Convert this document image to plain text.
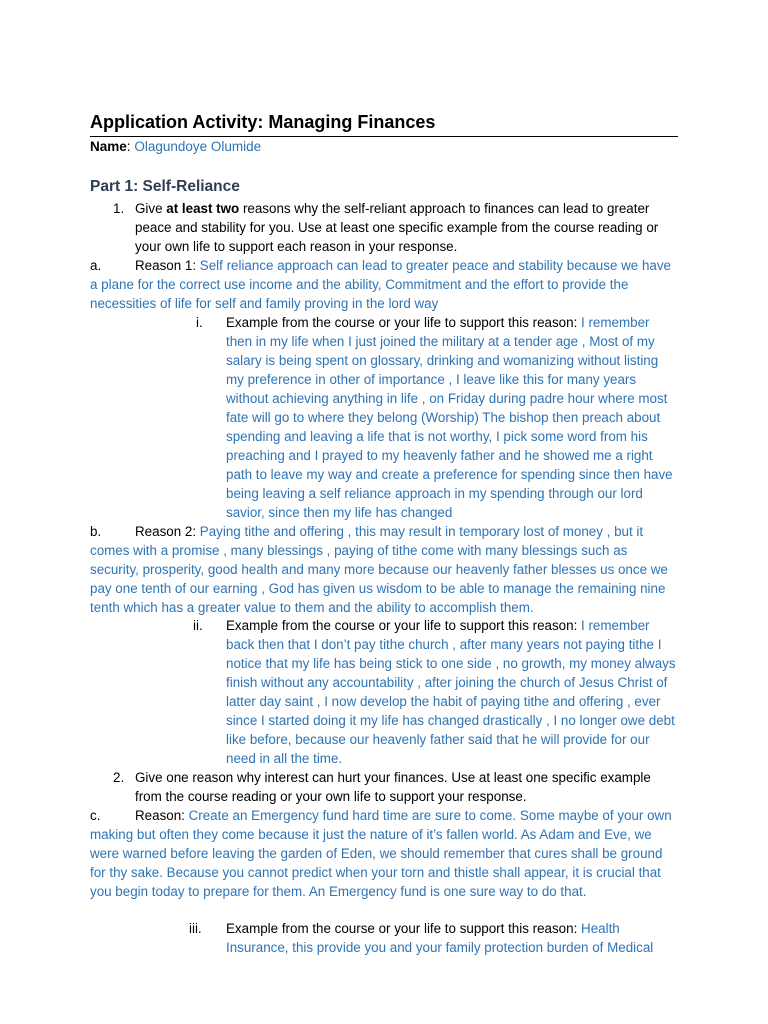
Application Activity: Managing Finances
Name: Olagundoye Olumide
Part 1: Self-Reliance
1. Give at least two reasons why the self-reliant approach to finances can lead to greater peace and stability for you. Use at least one specific example from the course reading or your own life to support each reason in your response.
a.	Reason 1: Self reliance approach can lead to greater peace and stability because we have a plane for the correct use income and the ability, Commitment and the effort to provide the necessities of life for self and family proving in the lord way
i. Example from the course or your life to support this reason: I remember then in my life when I just joined the military at a tender age , Most of my salary is being spent on glossary, drinking and womanizing without listing my preference in other of importance , I leave like this for many years without achieving anything in life , on Friday during padre hour where most fate will go to where they belong (Worship) The bishop then preach about spending and leaving a life that is not worthy, I pick some word from his preaching and I prayed to my heavenly father and he showed me a right path to leave my way and create a preference for spending since then have being leaving a self reliance approach in my spending through our lord savior, since then my life has changed
b.	Reason 2: Paying tithe and offering , this may result in temporary lost of money , but it comes with a promise , many blessings , paying of tithe come with many blessings such as security, prosperity, good health and many more because our heavenly father blesses us once we pay one tenth of our earning , God has given us wisdom to be able to manage the remaining nine tenth which has a greater value to them and the ability to accomplish them.
ii. Example from the course or your life to support this reason: I remember back then that I don’t pay tithe church , after many years not paying tithe I notice that my life has being stick to one side , no growth, my money always finish without any accountability , after joining the church of Jesus Christ of latter day saint , I now develop the habit of paying tithe and offering , ever since I started doing it my life has changed drastically , I no longer owe debt like before, because our heavenly father said that he will provide for our need in all the time.
2. Give one reason why interest can hurt your finances. Use at least one specific example from the course reading or your own life to support your response.
c.	Reason: Create an Emergency fund hard time are sure to come. Some maybe of your own making but often they come because it just the nature of it’s fallen world. As Adam and Eve, we were warned before leaving the garden of Eden, we should remember that cures shall be ground for thy sake. Because you cannot predict when your torn and thistle shall appear, it is crucial that you begin today to prepare for them. An Emergency fund is one sure way to do that.
iii. Example from the course or your life to support this reason: Health Insurance, this provide you and your family protection burden of Medical
